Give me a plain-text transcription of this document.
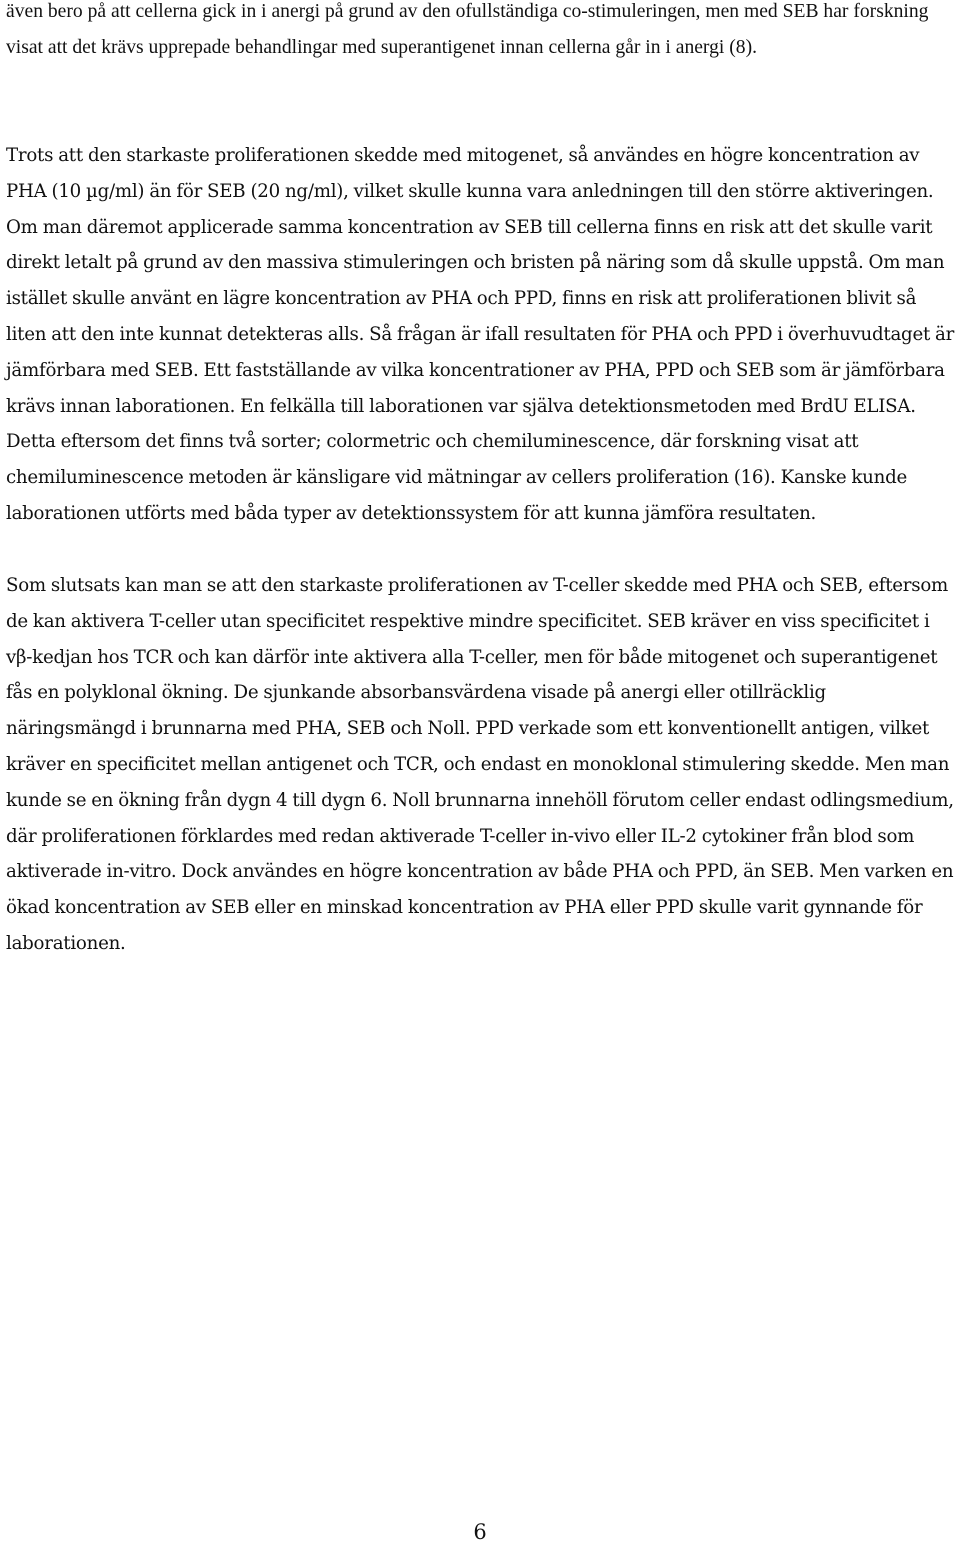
även bero på att cellerna gick in i anergi på grund av den ofullständiga co-stimuleringen, men med SEB har forskning visat att det krävs upprepade behandlingar med superantigenet innan cellerna går in i anergi (8).

Trots att den starkaste proliferationen skedde med mitogenet, så användes en högre koncentration av PHA (10 µg/ml) än för SEB (20 ng/ml), vilket skulle kunna vara anledningen till den större aktiveringen. Om man däremot applicerade samma koncentration av SEB till cellerna finns en risk att det skulle varit direkt letalt på grund av den massiva stimuleringen och bristen på näring som då skulle uppstå. Om man istället skulle använt en lägre koncentration av PHA och PPD, finns en risk att proliferationen blivit så liten att den inte kunnat detekteras alls. Så frågan är ifall resultaten för PHA och PPD i överhuvudtaget är jämförbara med SEB. Ett fastställande av vilka koncentrationer av PHA, PPD och SEB som är jämförbara krävs innan laborationen. En felkälla till laborationen var själva detektionsmetoden med BrdU ELISA. Detta eftersom det finns två sorter; colormetric och chemiluminescence, där forskning visat att chemiluminescence metoden är känsligare vid mätningar av cellers proliferation (16). Kanske kunde laborationen utförts med båda typer av detektionssystem för att kunna jämföra resultaten.

Som slutsats kan man se att den starkaste proliferationen av T-celler skedde med PHA och SEB, eftersom de kan aktivera T-celler utan specificitet respektive mindre specificitet. SEB kräver en viss specificitet i vβ-kedjan hos TCR och kan därför inte aktivera alla T-celler, men för både mitogenet och superantigenet fås en polyklonal ökning. De sjunkande absorbansvärdena visade på anergi eller otillräcklig näringsmängd i brunnarna med PHA, SEB och Noll. PPD verkade som ett konventionellt antigen, vilket kräver en specificitet mellan antigenet och TCR, och endast en monoklonal stimulering skedde. Men man kunde se en ökning från dygn 4 till dygn 6. Noll brunnarna innehöll förutom celler endast odlingsmedium, där proliferationen förklardes med redan aktiverade T-celler in-vivo eller IL-2 cytokiner från blod som aktiverade in-vitro. Dock användes en högre koncentration av både PHA och PPD, än SEB. Men varken en ökad koncentration av SEB eller en minskad koncentration av PHA eller PPD skulle varit gynnande för laborationen.

6
